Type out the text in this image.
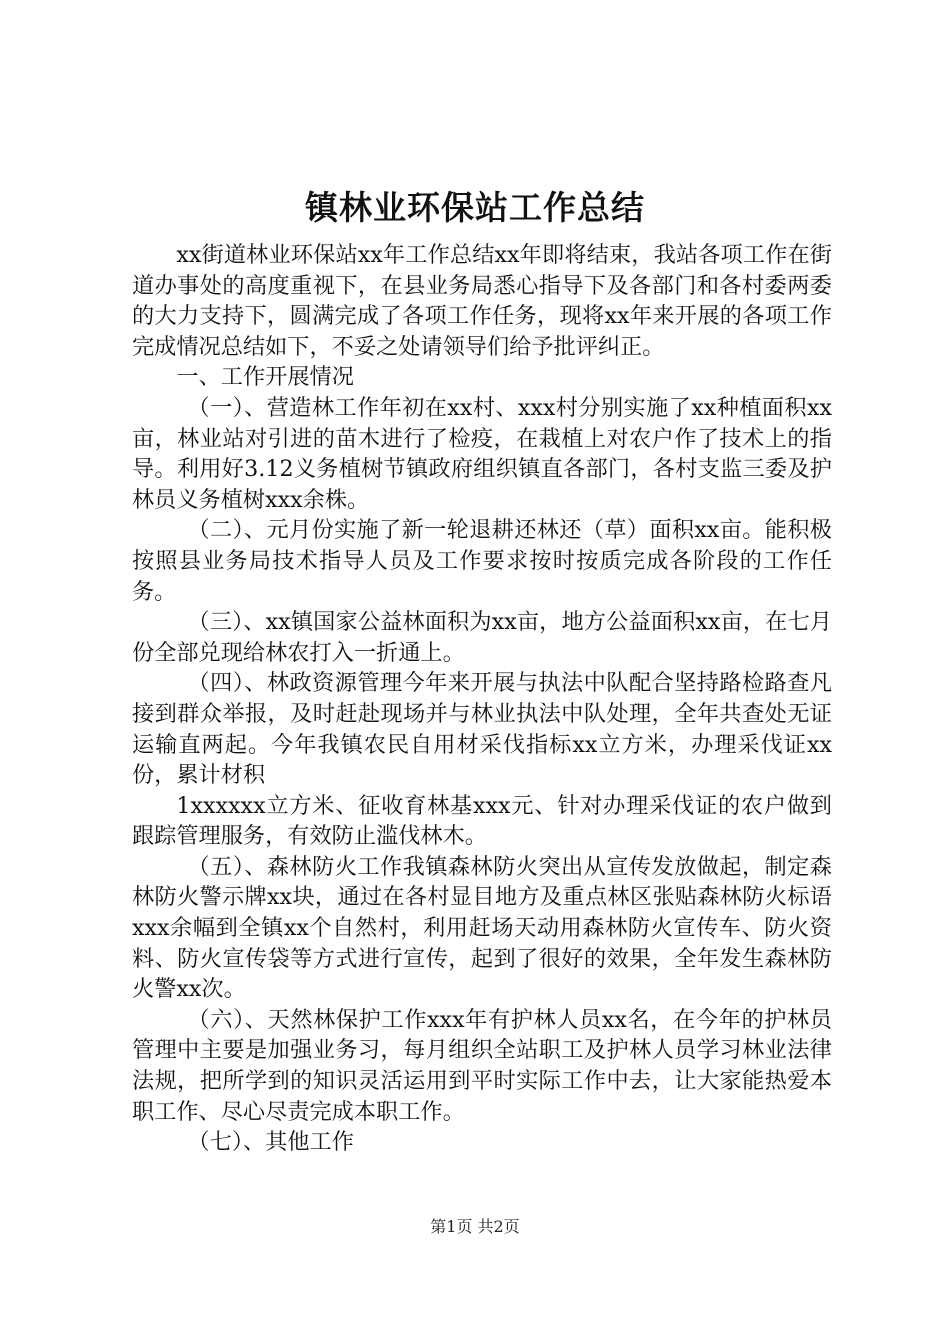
镇林业环保站工作总结

xx街道林业环保站xx年工作总结xx年即将结束，我站各项工作在街道办事处的高度重视下，在县业务局悉心指导下及各部门和各村委两委的大力支持下，圆满完成了各项工作任务，现将xx年来开展的各项工作完成情况总结如下，不妥之处请领导们给予批评纠正。

一、工作开展情况

（一）、营造林工作年初在xx村、xxx村分别实施了xx种植面积xx亩，林业站对引进的苗木进行了检疫，在栽植上对农户作了技术上的指导。利用好3.12义务植树节镇政府组织镇直各部门，各村支监三委及护林员义务植树xxx余株。

（二）、元月份实施了新一轮退耕还林还（草）面积xx亩。能积极按照县业务局技术指导人员及工作要求按时按质完成各阶段的工作任务。

（三）、xx镇国家公益林面积为xx亩，地方公益面积xx亩，在七月份全部兑现给林农打入一折通上。

（四）、林政资源管理今年来开展与执法中队配合坚持路检路查凡接到群众举报，及时赶赴现场并与林业执法中队处理，全年共查处无证运输直两起。今年我镇农民自用材采伐指标xx立方米，办理采伐证xx份，累计材积

1xxxxxx立方米、征收育林基xxx元、针对办理采伐证的农户做到跟踪管理服务，有效防止滥伐林木。

（五）、森林防火工作我镇森林防火突出从宣传发放做起，制定森林防火警示牌xx块，通过在各村显目地方及重点林区张贴森林防火标语xxx余幅到全镇xx个自然村，利用赶场天动用森林防火宣传车、防火资料、防火宣传袋等方式进行宣传，起到了很好的效果，全年发生森林防火警xx次。

（六）、天然林保护工作xxx年有护林人员xx名，在今年的护林员管理中主要是加强业务习，每月组织全站职工及护林人员学习林业法律法规，把所学到的知识灵活运用到平时实际工作中去，让大家能热爱本职工作、尽心尽责完成本职工作。

（七）、其他工作

第1页 共2页
